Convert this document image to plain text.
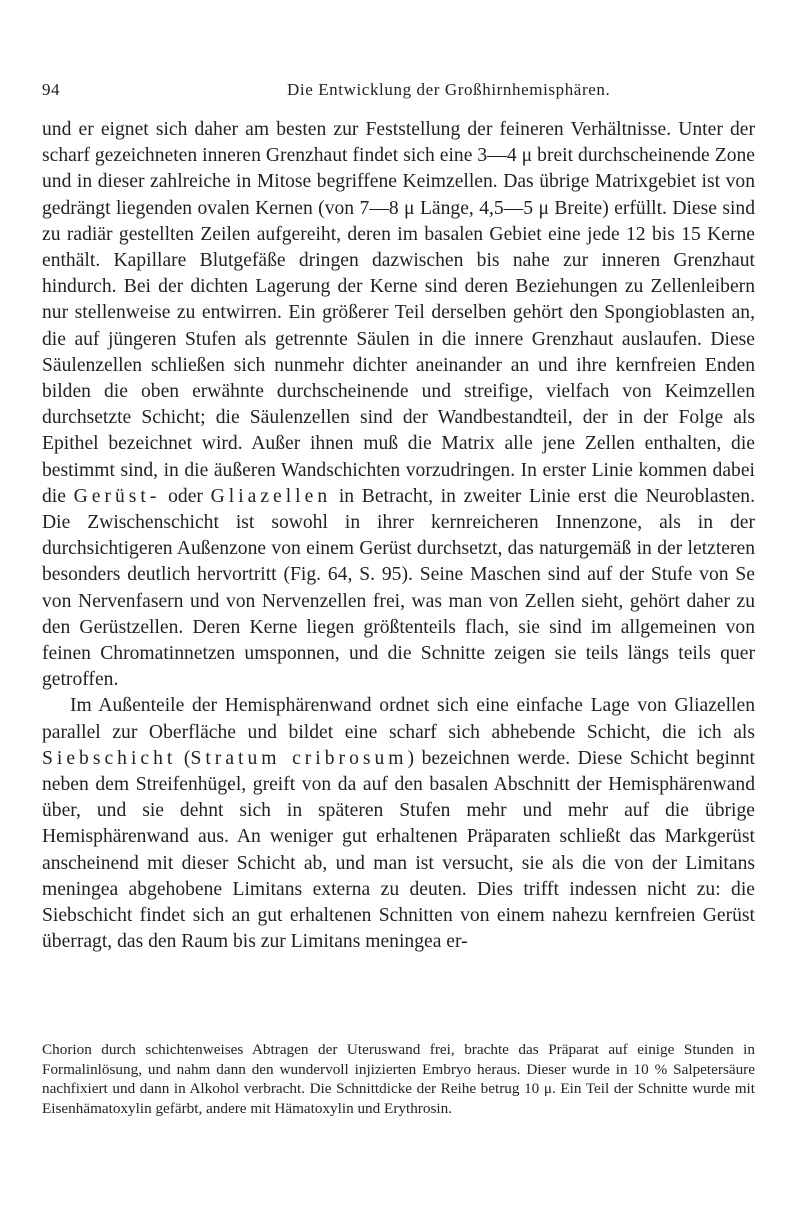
94	Die Entwicklung der Großhirnhemisphären.

und er eignet sich daher am besten zur Feststellung der feineren Verhältnisse. Unter der scharf gezeichneten inneren Grenzhaut findet sich eine 3—4 μ breit durchscheinende Zone und in dieser zahlreiche in Mitose begriffene Keimzellen. Das übrige Matrixgebiet ist von gedrängt liegenden ovalen Kernen (von 7—8 μ Länge, 4,5—5 μ Breite) erfüllt. Diese sind zu radiär gestellten Zeilen aufgereiht, deren im basalen Gebiet eine jede 12 bis 15 Kerne enthält. Kapillare Blutgefäße dringen dazwischen bis nahe zur inneren Grenzhaut hindurch. Bei der dichten Lagerung der Kerne sind deren Beziehungen zu Zellenleibern nur stellenweise zu entwirren. Ein größerer Teil derselben gehört den Spongioblasten an, die auf jüngeren Stufen als getrennte Säulen in die innere Grenzhaut auslaufen. Diese Säulenzellen schließen sich nunmehr dichter aneinander an und ihre kernfreien Enden bilden die oben erwähnte durchscheinende und streifige, vielfach von Keimzellen durchsetzte Schicht; die Säulenzellen sind der Wandbestandteil, der in der Folge als Epithel bezeichnet wird. Außer ihnen muß die Matrix alle jene Zellen enthalten, die bestimmt sind, in die äußeren Wandschichten vorzudringen. In erster Linie kommen dabei die Gerüst- oder Gliazellen in Betracht, in zweiter Linie erst die Neuroblasten. Die Zwischenschicht ist sowohl in ihrer kernreicheren Innenzone, als in der durchsichtigeren Außenzone von einem Gerüst durchsetzt, das naturgemäß in der letzteren besonders deutlich hervortritt (Fig. 64, S. 95). Seine Maschen sind auf der Stufe von Se von Nervenfasern und von Nervenzellen frei, was man von Zellen sieht, gehört daher zu den Gerüstzellen. Deren Kerne liegen größtenteils flach, sie sind im allgemeinen von feinen Chromatinnetzen umsponnen, und die Schnitte zeigen sie teils längs teils quer getroffen.

Im Außenteile der Hemisphärenwand ordnet sich eine einfache Lage von Gliazellen parallel zur Oberfläche und bildet eine scharf sich abhebende Schicht, die ich als Siebschicht (Stratum cribrosum) bezeichnen werde. Diese Schicht beginnt neben dem Streifenhügel, greift von da auf den basalen Abschnitt der Hemisphärenwand über, und sie dehnt sich in späteren Stufen mehr und mehr auf die übrige Hemisphärenwand aus. An weniger gut erhaltenen Präparaten schließt das Markgerüst anscheinend mit dieser Schicht ab, und man ist versucht, sie als die von der Limitans meningea abgehobene Limitans externa zu deuten. Dies trifft indessen nicht zu: die Siebschicht findet sich an gut erhaltenen Schnitten von einem nahezu kernfreien Gerüst überragt, das den Raum bis zur Limitans meningea er-

Chorion durch schichtenweises Abtragen der Uteruswand frei, brachte das Präparat auf einige Stunden in Formalinlösung, und nahm dann den wundervoll injizierten Embryo heraus. Dieser wurde in 10 % Salpetersäure nachfixiert und dann in Alkohol verbracht. Die Schnittdicke der Reihe betrug 10 μ. Ein Teil der Schnitte wurde mit Eisenhämatoxylin gefärbt, andere mit Hämatoxylin und Erythrosin.
